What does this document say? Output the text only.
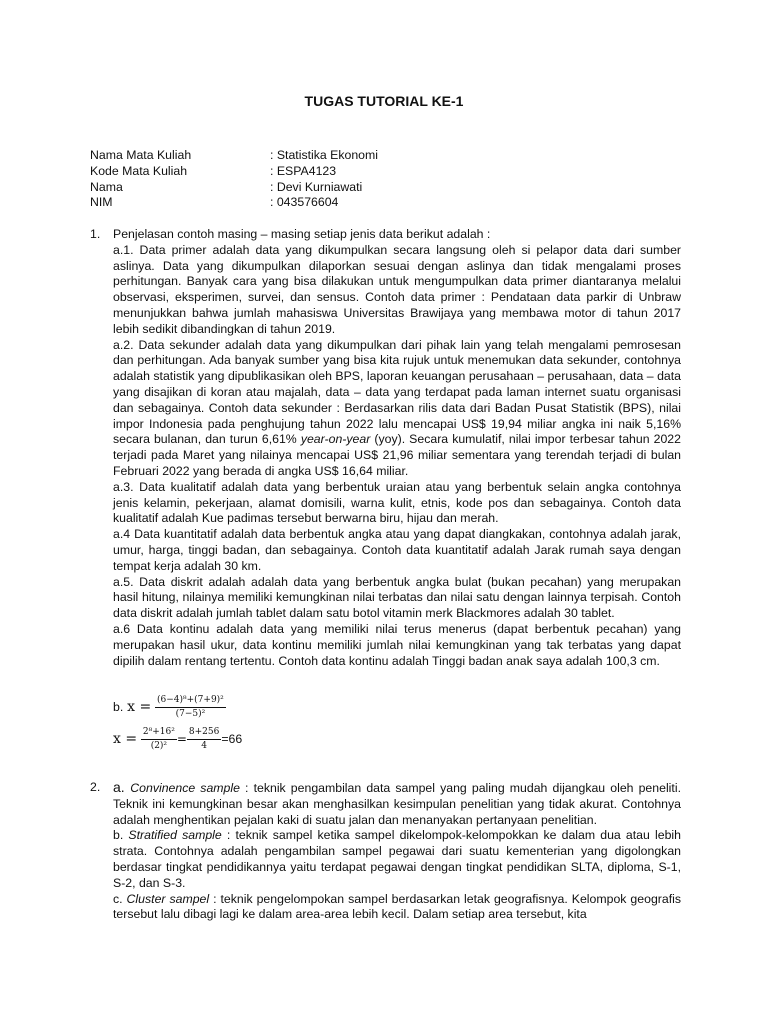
TUGAS TUTORIAL KE-1
Nama Mata Kuliah	: Statistika Ekonomi
Kode Mata Kuliah	: ESPA4123
Nama	: Devi Kurniawati
NIM	: 043576604
1. Penjelasan contoh masing – masing setiap jenis data berikut adalah :

a.1. Data primer adalah data yang dikumpulkan secara langsung oleh si pelapor data dari sumber aslinya. Data yang dikumpulkan dilaporkan sesuai dengan aslinya dan tidak mengalami proses perhitungan. Banyak cara yang bisa dilakukan untuk mengumpulkan data primer diantaranya melalui observasi, eksperimen, survei, dan sensus. Contoh data primer : Pendataan data parkir di Unbraw menunjukkan bahwa jumlah mahasiswa Universitas Brawijaya yang membawa motor di tahun 2017 lebih sedikit dibandingkan di tahun 2019.

a.2. Data sekunder adalah data yang dikumpulkan dari pihak lain yang telah mengalami pemrosesan dan perhitungan. Ada banyak sumber yang bisa kita rujuk untuk menemukan data sekunder, contohnya adalah statistik yang dipublikasikan oleh BPS, laporan keuangan perusahaan – perusahaan, data – data yang disajikan di koran atau majalah, data – data yang terdapat pada laman internet suatu organisasi dan sebagainya. Contoh data sekunder : Berdasarkan rilis data dari Badan Pusat Statistik (BPS), nilai impor Indonesia pada penghujung tahun 2022 lalu mencapai US$ 19,94 miliar angka ini naik 5,16% secara bulanan, dan turun 6,61% year-on-year (yoy). Secara kumulatif, nilai impor terbesar tahun 2022 terjadi pada Maret yang nilainya mencapai US$ 21,96 miliar sementara yang terendah terjadi di bulan Februari 2022 yang berada di angka US$ 16,64 miliar.

a.3. Data kualitatif adalah data yang berbentuk uraian atau yang berbentuk selain angka contohnya jenis kelamin, pekerjaan, alamat domisili, warna kulit, etnis, kode pos dan sebagainya. Contoh data kualitatif adalah Kue padimas tersebut berwarna biru, hijau dan merah.

a.4 Data kuantitatif adalah data berbentuk angka atau yang dapat diangkakan, contohnya adalah jarak, umur, harga, tinggi badan, dan sebagainya. Contoh data kuantitatif adalah Jarak rumah saya dengan tempat kerja adalah 30 km.

a.5. Data diskrit adalah adalah data yang berbentuk angka bulat (bukan pecahan) yang merupakan hasil hitung, nilainya memiliki kemungkinan nilai terbatas dan nilai satu dengan lainnya terpisah. Contoh data diskrit adalah jumlah tablet dalam satu botol vitamin merk Blackmores adalah 30 tablet.

a.6 Data kontinu adalah data yang memiliki nilai terus menerus (dapat berbentuk pecahan) yang merupakan hasil ukur, data kontinu memiliki jumlah nilai kemungkinan yang tak terbatas yang dapat dipilih dalam rentang tertentu. Contoh data kontinu adalah Tinggi badan anak saya adalah 100,3 cm.

b. $x = \frac{\text{(6−4)⁸+(7+9)²}}{\text{(7−5)²}}$
$x = \frac{\text{2⁸+16²}}{\text{(2)²}} = \frac{8+256}{4} =66$
2. a. Convinence sample : teknik pengambilan data sampel yang paling mudah dijangkau oleh peneliti. Teknik ini kemungkinan besar akan menghasilkan kesimpulan penelitian yang tidak akurat. Contohnya adalah menghentikan pejalan kaki di suatu jalan dan menanyakan pertanyaan penelitian.

b. Stratified sample : teknik sampel ketika sampel dikelompok-kelompokkan ke dalam dua atau lebih strata. Contohnya adalah pengambilan sampel pegawai dari suatu kementerian yang digolongkan berdasar tingkat pendidikannya yaitu terdapat pegawai dengan tingkat pendidikan SLTA, diploma, S-1, S-2, dan S-3.

c. Cluster sampel : teknik pengelompokan sampel berdasarkan letak geografisnya. Kelompok geografis tersebut lalu dibagi lagi ke dalam area-area lebih kecil. Dalam setiap area tersebut, kita
